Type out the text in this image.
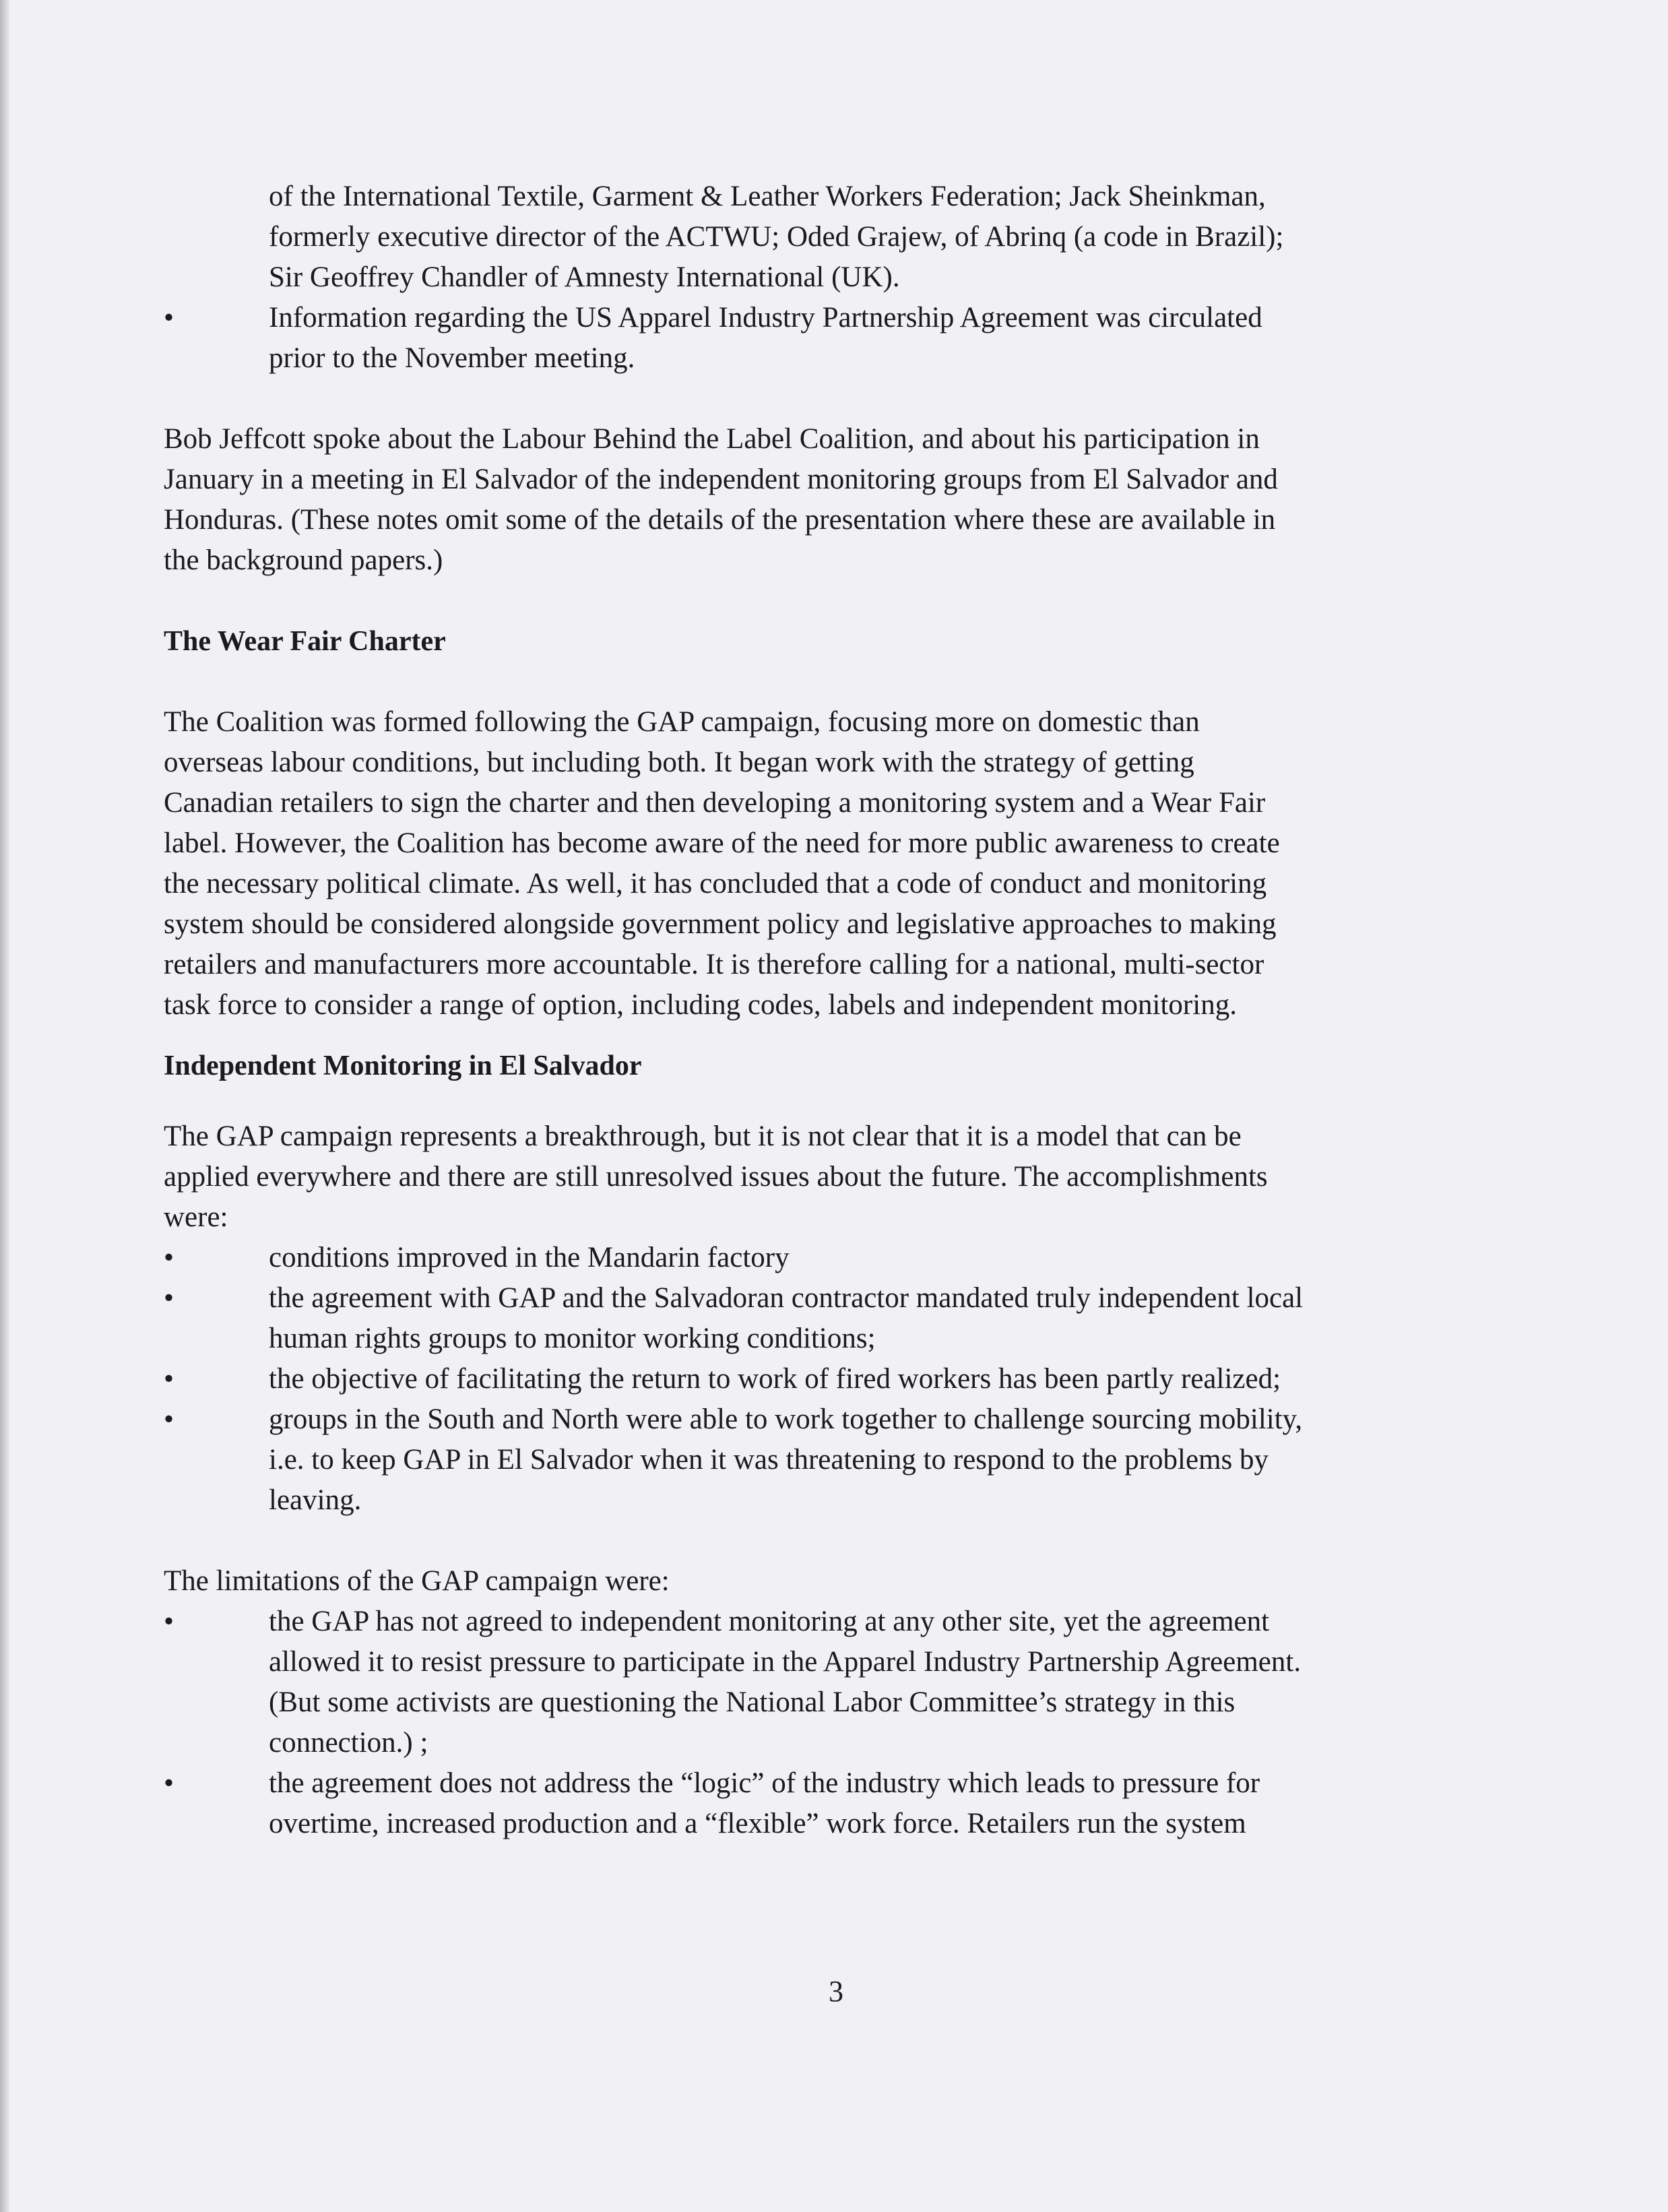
of the International Textile, Garment & Leather Workers Federation; Jack Sheinkman,

formerly executive director of the ACTWU; Oded Grajew, of Abrinq (a code in Brazil);

Sir Geoffrey Chandler of Amnesty International (UK).

•	Information regarding the US Apparel Industry Partnership Agreement was circulated

prior to the November meeting.

Bob Jeffcott spoke about the Labour Behind the Label Coalition, and about his participation in

January in a meeting in El Salvador of the independent monitoring groups from El Salvador and

Honduras. (These notes omit some of the details of the presentation where these are available in

the background papers.)

The Wear Fair Charter

The Coalition was formed following the GAP campaign, focusing more on domestic than

overseas labour conditions, but including both. It began work with the strategy of getting

Canadian retailers to sign the charter and then developing a monitoring system and a Wear Fair

label. However, the Coalition has become aware of the need for more public awareness to create

the necessary political climate. As well, it has concluded that a code of conduct and monitoring

system should be considered alongside government policy and legislative approaches to making

retailers and manufacturers more accountable. It is therefore calling for a national, multi-sector

task force to consider a range of option, including codes, labels and independent monitoring.

Independent Monitoring in El Salvador

The GAP campaign represents a breakthrough, but it is not clear that it is a model that can be

applied everywhere and there are still unresolved issues about the future. The accomplishments

were:

•	conditions improved in the Mandarin factory

•	the agreement with GAP and the Salvadoran contractor mandated truly independent local

human rights groups to monitor working conditions;

•	the objective of facilitating the return to work of fired workers has been partly realized;

•	groups in the South and North were able to work together to challenge sourcing mobility,

i.e. to keep GAP in El Salvador when it was threatening to respond to the problems by

leaving.

The limitations of the GAP campaign were:

•	the GAP has not agreed to independent monitoring at any other site, yet the agreement

allowed it to resist pressure to participate in the Apparel Industry Partnership Agreement.

(But some activists are questioning the National Labor Committee’s strategy in this

connection.) ;

•	the agreement does not address the “logic” of the industry which leads to pressure for

overtime, increased production and a “flexible” work force. Retailers run the system

3
